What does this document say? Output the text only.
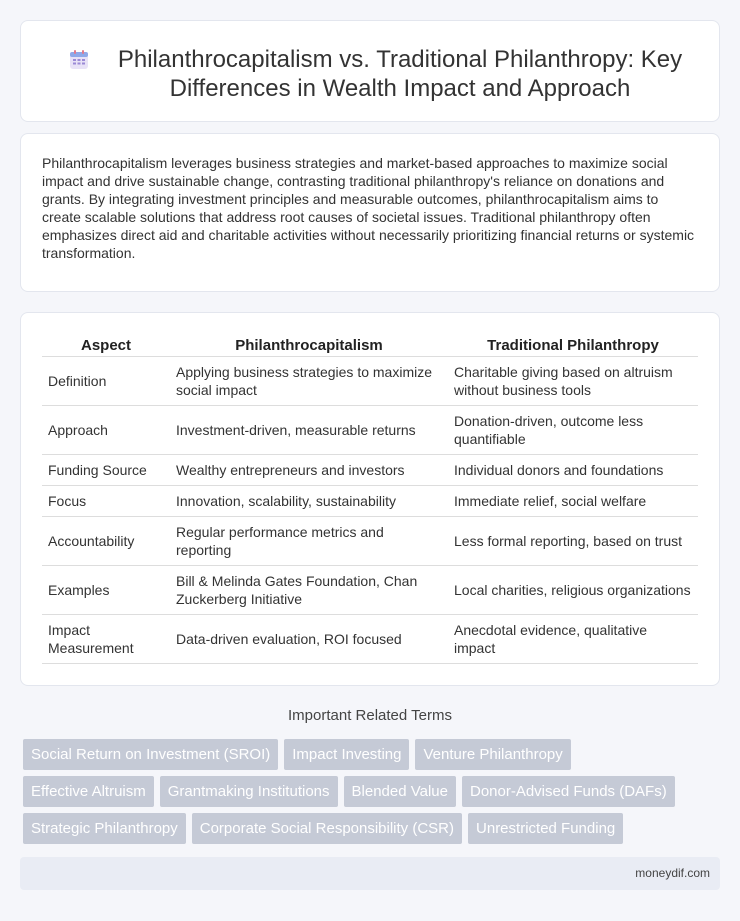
Philanthrocapitalism vs. Traditional Philanthropy: Key Differences in Wealth Impact and Approach

Philanthrocapitalism leverages business strategies and market-based approaches to maximize social impact and drive sustainable change, contrasting traditional philanthropy's reliance on donations and grants. By integrating investment principles and measurable outcomes, philanthrocapitalism aims to create scalable solutions that address root causes of societal issues. Traditional philanthropy often emphasizes direct aid and charitable activities without necessarily prioritizing financial returns or systemic transformation.

Aspect	Philanthrocapitalism	Traditional Philanthropy
Definition	Applying business strategies to maximize social impact	Charitable giving based on altruism without business tools
Approach	Investment-driven, measurable returns	Donation-driven, outcome less quantifiable
Funding Source	Wealthy entrepreneurs and investors	Individual donors and foundations
Focus	Innovation, scalability, sustainability	Immediate relief, social welfare
Accountability	Regular performance metrics and reporting	Less formal reporting, based on trust
Examples	Bill & Melinda Gates Foundation, Chan Zuckerberg Initiative	Local charities, religious organizations
Impact Measurement	Data-driven evaluation, ROI focused	Anecdotal evidence, qualitative impact
Important Related Terms
Social Return on Investment (SROI)	Impact Investing	Venture Philanthropy
Effective Altruism	Grantmaking Institutions	Blended Value	Donor-Advised Funds (DAFs)
Strategic Philanthropy	Corporate Social Responsibility (CSR)	Unrestricted Funding
moneydif.com
